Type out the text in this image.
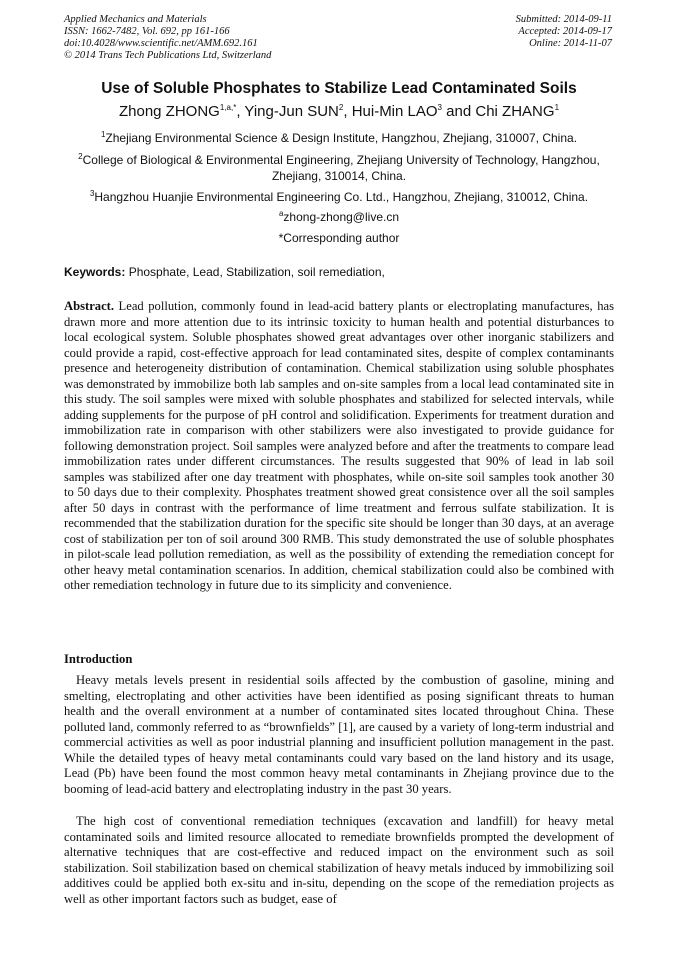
Applied Mechanics and Materials
ISSN: 1662-7482, Vol. 692, pp 161-166
doi:10.4028/www.scientific.net/AMM.692.161
© 2014 Trans Tech Publications Ltd, Switzerland
Submitted: 2014-09-11
Accepted: 2014-09-17
Online: 2014-11-07
Use of Soluble Phosphates to Stabilize Lead Contaminated Soils
Zhong $ZHONG^{1,a,*}$, Ying-Jun SUN$^2$, Hui-Min LAO$^3$ and Chi ZHANG$^1$
$^1$Zhejiang Environmental Science & Design Institute, Hangzhou, Zhejiang, 310007, China.
$^2$College of Biological & Environmental Engineering, Zhejiang University of Technology, Hangzhou, Zhejiang, 310014, China.
$^3$Hangzhou Huanjie Environmental Engineering Co. Ltd., Hangzhou, Zhejiang, 310012, China.
$^a$zhong-zhong@live.cn
*Corresponding author
Keywords: Phosphate, Lead, Stabilization, soil remediation,
Abstract. Lead pollution, commonly found in lead-acid battery plants or electroplating manufactures, has drawn more and more attention due to its intrinsic toxicity to human health and potential disturbances to local ecological system. Soluble phosphates showed great advantages over other inorganic stabilizers and could provide a rapid, cost-effective approach for lead contaminated sites, despite of complex contaminants presence and heterogeneity distribution of contamination. Chemical stabilization using soluble phosphates was demonstrated by immobilize both lab samples and on-site samples from a local lead contaminated site in this study. The soil samples were mixed with soluble phosphates and stabilized for selected intervals, while adding supplements for the purpose of pH control and solidification. Experiments for treatment duration and immobilization rate in comparison with other stabilizers were also investigated to provide guidance for following demonstration project. Soil samples were analyzed before and after the treatments to compare lead immobilization rates under different circumstances. The results suggested that 90% of lead in lab soil samples was stabilized after one day treatment with phosphates, while on-site soil samples took another 30 to 50 days due to their complexity. Phosphates treatment showed great consistence over all the soil samples after 50 days in contrast with the performance of lime treatment and ferrous sulfate stabilization. It is recommended that the stabilization duration for the specific site should be longer than 30 days, at an average cost of stabilization per ton of soil around 300 RMB. This study demonstrated the use of soluble phosphates in pilot-scale lead pollution remediation, as well as the possibility of extending the remediation concept for other heavy metal contamination scenarios. In addition, chemical stabilization could also be combined with other remediation technology in future due to its simplicity and convenience.
Introduction
Heavy metals levels present in residential soils affected by the combustion of gasoline, mining and smelting, electroplating and other activities have been identified as posing significant threats to human health and the overall environment at a number of contaminated sites located throughout China. These polluted land, commonly referred to as “brownfields” [1], are caused by a variety of long-term industrial and commercial activities as well as poor industrial planning and insufficient pollution management in the past. While the detailed types of heavy metal contaminants could vary based on the land history and its usage, Lead (Pb) have been found the most common heavy metal contaminants in Zhejiang province due to the booming of lead-acid battery and electroplating industry in the past 30 years.
The high cost of conventional remediation techniques (excavation and landfill) for heavy metal contaminated soils and limited resource allocated to remediate brownfields prompted the development of alternative techniques that are cost-effective and reduced impact on the environment such as soil stabilization. Soil stabilization based on chemical stabilization of heavy metals induced by immobilizing soil additives could be applied both ex-situ and in-situ, depending on the scope of the remediation projects as well as other important factors such as budget, ease of
